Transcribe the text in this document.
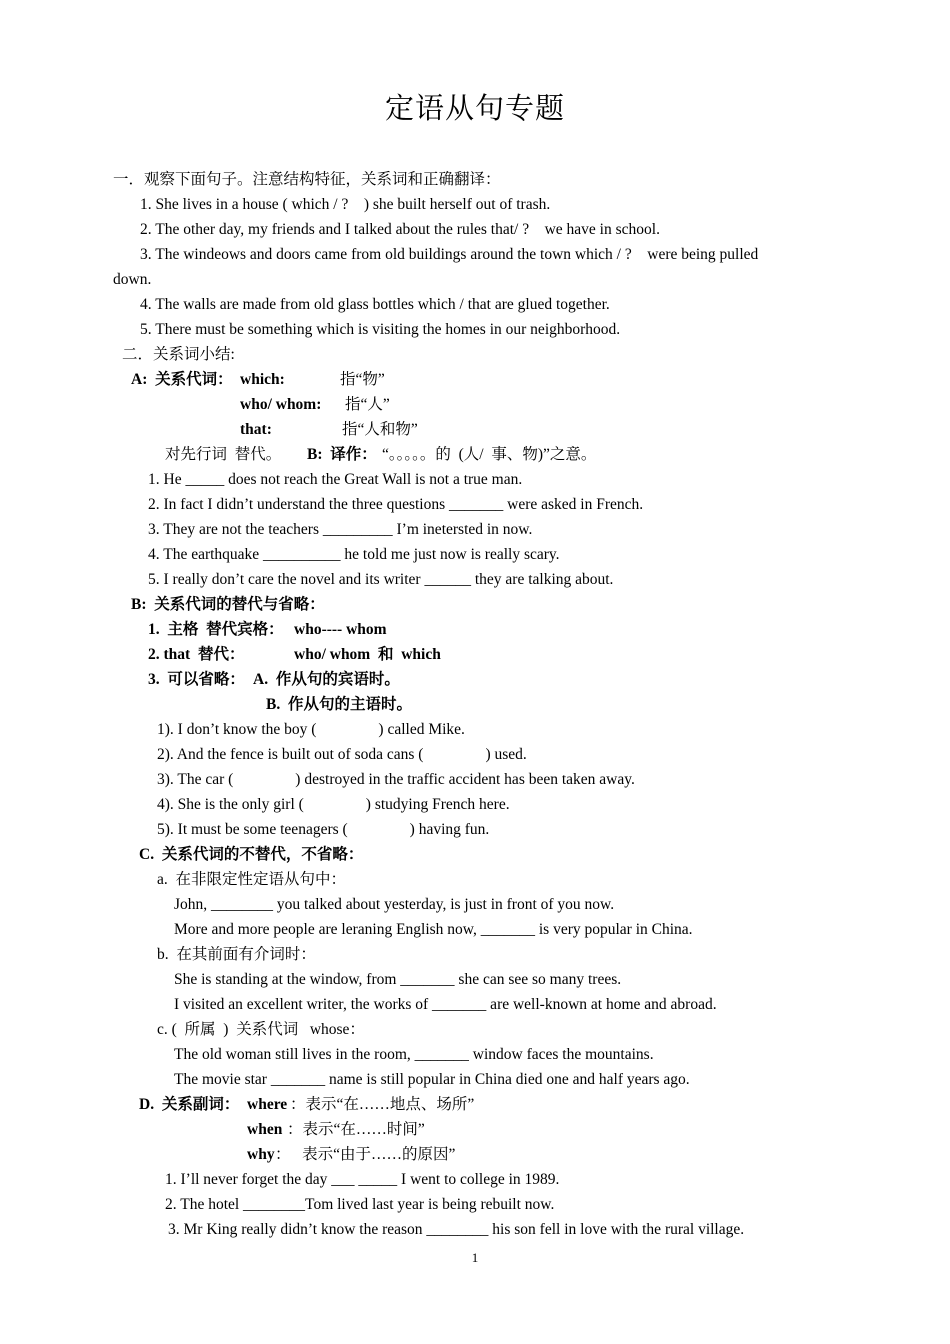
定语从句专题
一．观察下面句子。注意结构特征，关系词和正确翻译：
1. She lives in a house ( which / ?    ) she built herself out of trash.
2. The other day, my friends and I talked about the rules that/ ?    we have in school.
3. The windeows and doors came from old buildings around the town which / ?    were being pulled
down.
4. The walls are made from old glass bottles which / that are glued together.
5. There must be something which is visiting the homes in our neighborhood.
二．关系词小结:
A:  关系代词： which:	指“物”
who/ whom: 指“人”
that:	指“人和物”
对先行词  替代。 B:  译作： “。。。。。的  (人/  事、物)”之意。
1. He _____ does not reach the Great Wall is not a true man.
2. In fact I didn’t understand the three questions _______ were asked in French.
3. They are not the teachers _________ I’m inetersted in now.
4. The earthquake __________ he told me just now is really scary.
5. I really don’t care the novel and its writer ______ they are talking about.
B:  关系代词的替代与省略：
1.  主格  替代宾格： who---- whom
2. that  替代：	who/ whom  和  which
3.  可以省略： A.  作从句的宾语时。
B.  作从句的主语时。
1). I don’t know the boy (                ) called Mike.
2). And the fence is built out of soda cans (                ) used.
3). The car (                ) destroyed in the traffic accident has been taken away.
4). She is the only girl (                ) studying French here.
5). It must be some teenagers (                ) having fun.
C.  关系代词的不替代，不省略：
a.  在非限定性定语从句中：
John, ________ you talked about yesterday, is just in front of you now.
More and more people are leraning English now, _______ is very popular in China.
b.  在其前面有介词时：
She is standing at the window, from _______ she can see so many trees.
I visited an excellent writer, the works of _______ are well-known at home and abroad.
c. (  所属  )  关系代词   whose：
The old woman still lives in the room, _______ window faces the mountains.
The movie star _______ name is still popular in China died one and half years ago.
D.  关系副词： where ：表示“在……地点、场所”
when ：表示“在……时间”
why ：   表示“由于……的原因”
1. I’ll never forget the day ___ _____ I went to college in 1989.
2. The hotel ________Tom lived last year is being rebuilt now.
3. Mr King really didn’t know the reason ________ his son fell in love with the rural village.
1
